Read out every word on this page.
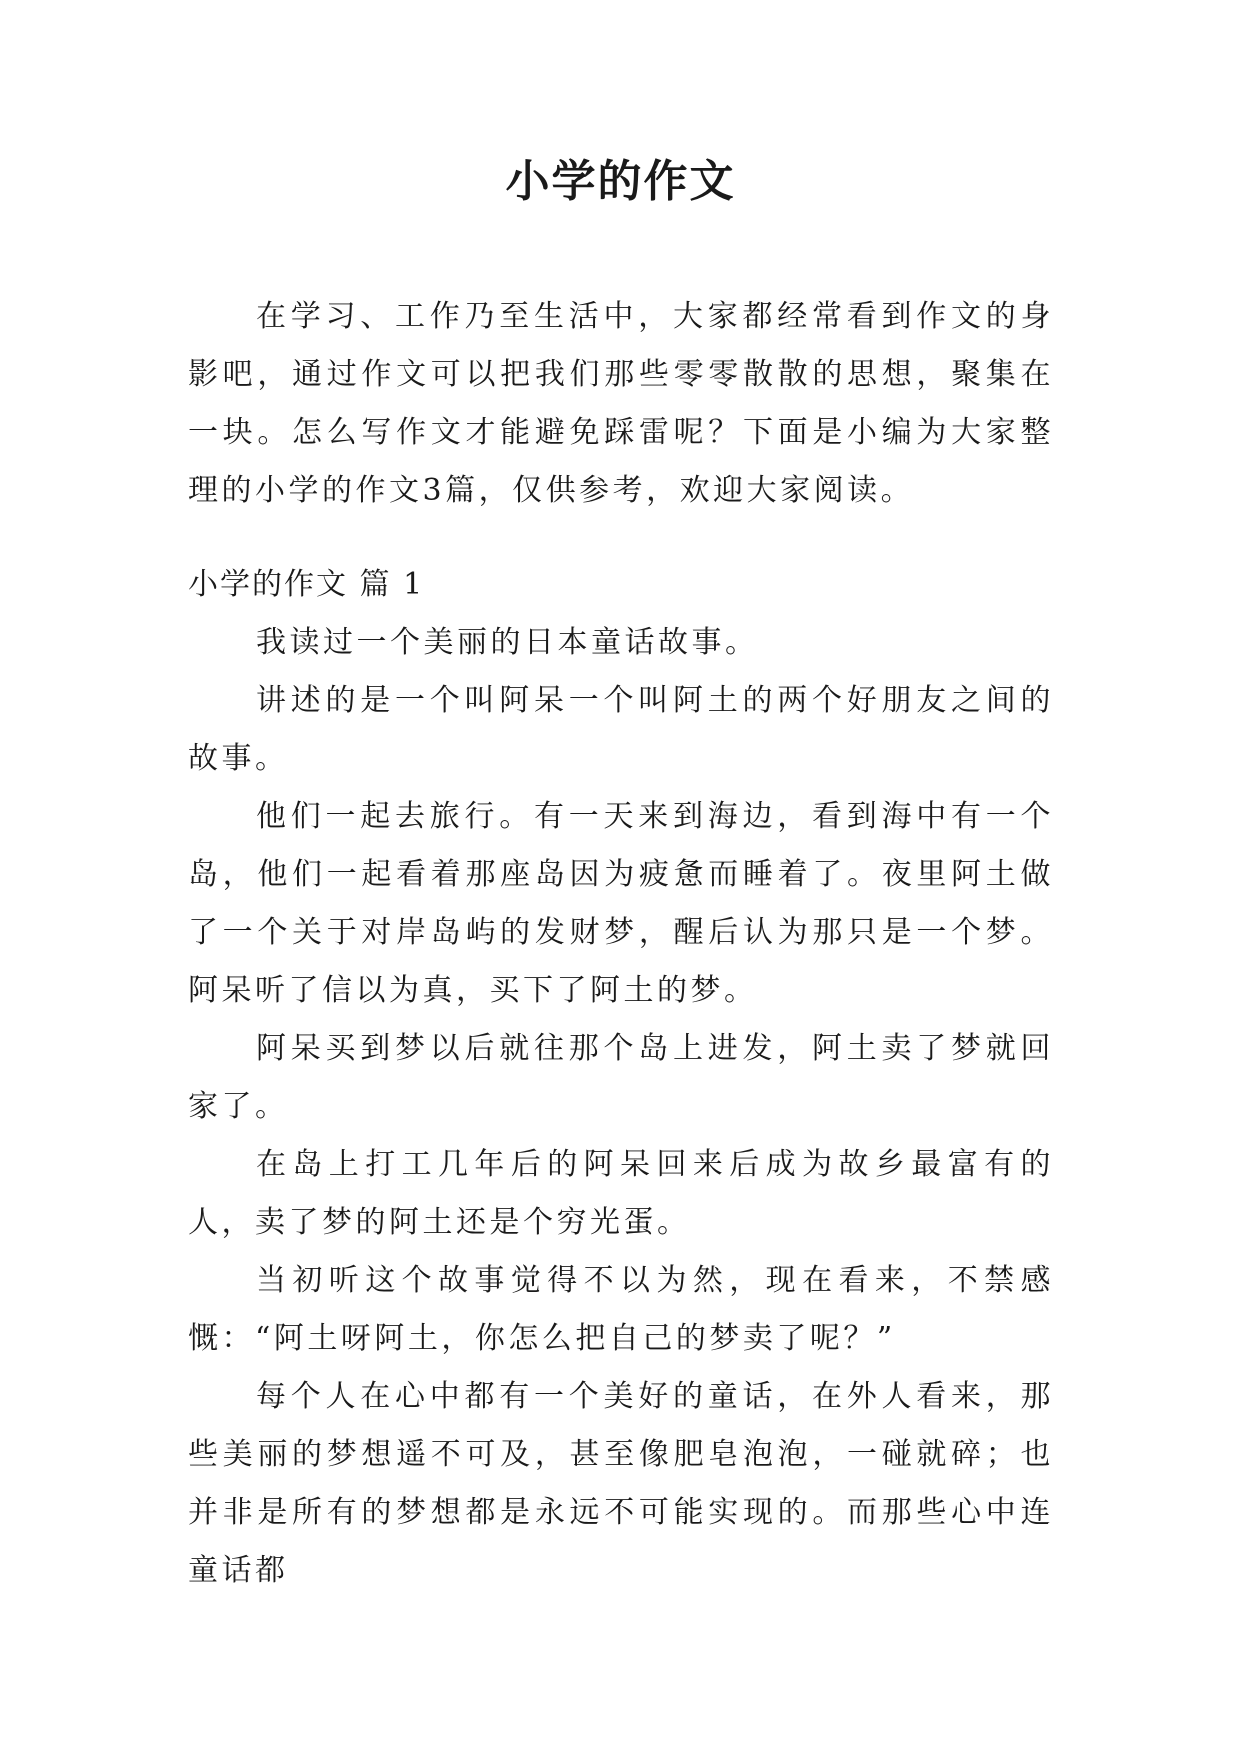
小学的作文

在学习、工作乃至生活中，大家都经常看到作文的身影吧，通过作文可以把我们那些零零散散的思想，聚集在一块。怎么写作文才能避免踩雷呢？下面是小编为大家整理的小学的作文3篇，仅供参考，欢迎大家阅读。

小学的作文 篇 1

我读过一个美丽的日本童话故事。

讲述的是一个叫阿呆一个叫阿土的两个好朋友之间的故事。

他们一起去旅行。有一天来到海边，看到海中有一个岛，他们一起看着那座岛因为疲惫而睡着了。夜里阿土做了一个关于对岸岛屿的发财梦，醒后认为那只是一个梦。阿呆听了信以为真，买下了阿土的梦。

阿呆买到梦以后就往那个岛上进发，阿土卖了梦就回家了。

在岛上打工几年后的阿呆回来后成为故乡最富有的人，卖了梦的阿土还是个穷光蛋。

当初听这个故事觉得不以为然，现在看来，不禁感慨：“阿土呀阿土，你怎么把自己的梦卖了呢？”

每个人在心中都有一个美好的童话，在外人看来，那些美丽的梦想遥不可及，甚至像肥皂泡泡，一碰就碎；也并非是所有的梦想都是永远不可能实现的。而那些心中连童话都
